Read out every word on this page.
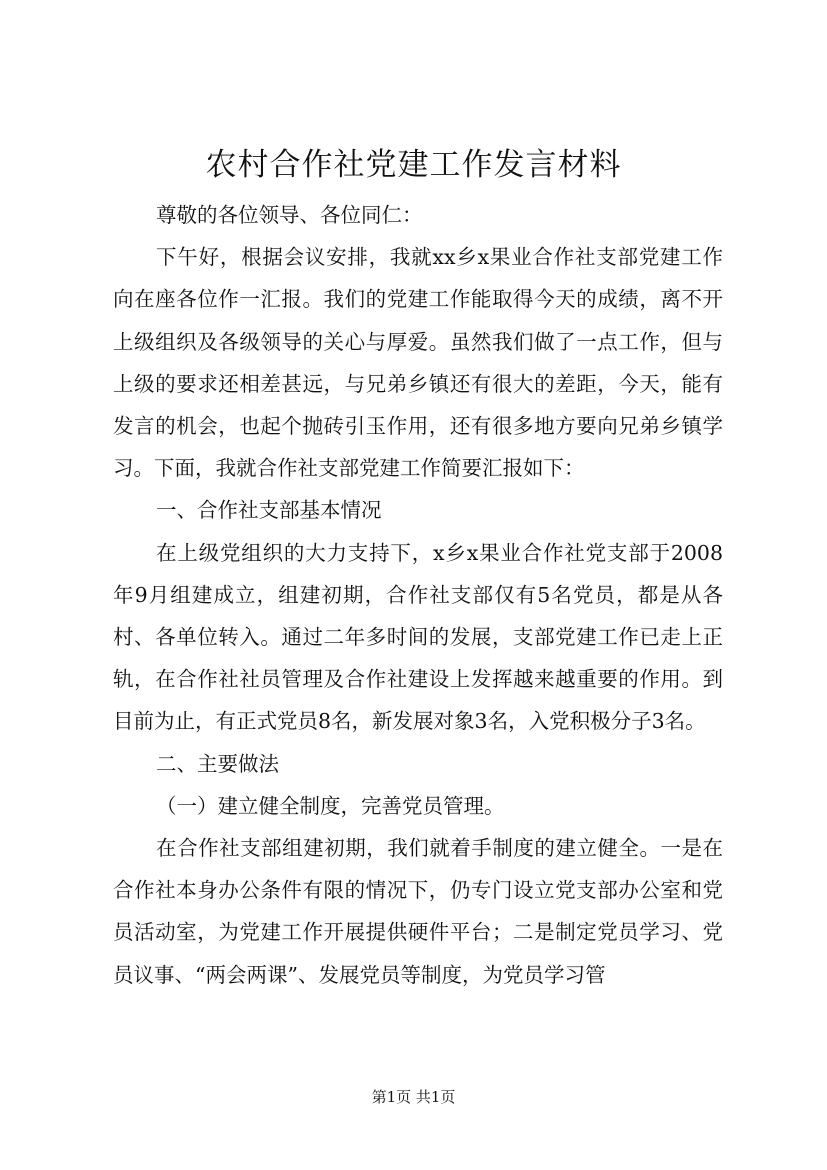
农村合作社党建工作发言材料

尊敬的各位领导、各位同仁：

下午好，根据会议安排，我就xx乡x果业合作社支部党建工作向在座各位作一汇报。我们的党建工作能取得今天的成绩，离不开上级组织及各级领导的关心与厚爱。虽然我们做了一点工作，但与上级的要求还相差甚远，与兄弟乡镇还有很大的差距，今天，能有发言的机会，也起个抛砖引玉作用，还有很多地方要向兄弟乡镇学习。下面，我就合作社支部党建工作简要汇报如下：

一、合作社支部基本情况

在上级党组织的大力支持下，x乡x果业合作社党支部于2008年9月组建成立，组建初期，合作社支部仅有5名党员，都是从各村、各单位转入。通过二年多时间的发展，支部党建工作已走上正轨，在合作社社员管理及合作社建设上发挥越来越重要的作用。到目前为止，有正式党员8名，新发展对象3名，入党积极分子3名。

二、主要做法

（一）建立健全制度，完善党员管理。

在合作社支部组建初期，我们就着手制度的建立健全。一是在合作社本身办公条件有限的情况下，仍专门设立党支部办公室和党员活动室，为党建工作开展提供硬件平台；二是制定党员学习、党员议事、“两会两课”、发展党员等制度，为党员学习管

第1页 共1页
